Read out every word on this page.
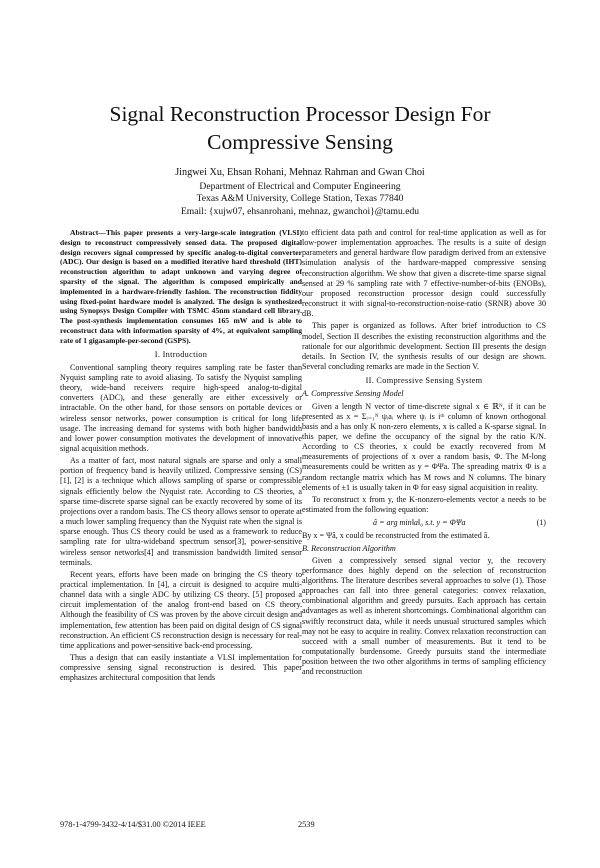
Signal Reconstruction Processor Design For
Compressive Sensing
Jingwei Xu, Ehsan Rohani, Mehnaz Rahman and Gwan Choi
Department of Electrical and Computer Engineering
Texas A&M University, College Station, Texas 77840
Email: {xujw07, ehsanrohani, mehnaz, gwanchoi}@tamu.edu

Abstract—This paper presents a very-large-scale integration (VLSI) design to reconstruct compressively sensed data. The proposed digital design recovers signal compressed by specific analog-to-digital converter (ADC). Our design is based on a modified iterative hard threshold (IHT) reconstruction algorithm to adapt unknown and varying degree of sparsity of the signal. The algorithm is composed empirically and implemented in a hardware-friendly fashion. The reconstruction fiddity using fixed-point hardware model is analyzed. The design is synthesized using Synopsys Design Compiler with TSMC 45nm standard cell library. The post-synthesis implementation consumes 165 mW and is able to reconstruct data with information sparsity of 4%, at equivalent sampling rate of 1 gigasample-per-second (GSPS).

I. Introduction

Conventional sampling theory requires sampling rate be faster than Nyquist sampling rate to avoid aliasing. To satisfy the Nyquist sampling theory, wide-band receivers require high-speed analog-to-digital converters (ADC), and these generally are either excessively or intractable. On the other hand, for those sensors on portable devices or wireless sensor networks, power consumption is critical for long life usage. The increasing demand for systems with both higher bandwidth and lower power consumption motivates the development of innovative signal acquisition methods.

As a matter of fact, most natural signals are sparse and only a small portion of frequency band is heavily utilized. Compressive sensing (CS) [1], [2] is a technique which allows sampling of sparse or compressible signals efficiently below the Nyquist rate. According to CS theories, a sparse time-discrete sparse signal can be exactly recovered by some of its projections over a random basis. The CS theory allows sensor to operate at a much lower sampling frequency than the Nyquist rate when the signal is sparse enough. Thus CS theory could be used as a framework to reduce sampling rate for ultra-wideband spectrum sensor[3], power-sensitive wireless sensor networks[4] and transmission bandwidth limited sensor terminals.

Recent years, efforts have been made on bringing the CS theory to practical implementation. In [4], a circuit is designed to acquire multi-channel data with a single ADC by utilizing CS theory. [5] proposed a circuit implementation of the analog front-end based on CS theory. Although the feasibility of CS was proven by the above circuit design and implementation, few attention has been paid on digital design of CS signal reconstruction. An efficient CS reconstruction design is necessary for real-time applications and power-sensitive back-end processing.

Thus a design that can easily instantiate a VLSI implementation for compressive sensing signal reconstruction is desired. This paper emphasizes architectural composition that lends

to efficient data path and control for real-time application as well as for low-power implementation approaches. The results is a suite of design parameters and general hardware flow paradigm derived from an extensive simulation analysis of the hardware-mapped compressive sensing reconstruction algorithm. We show that given a discrete-time sparse signal sensed at 29 % sampling rate with 7 effective-number-of-bits (ENOBs), our proposed reconstruction processor design could successfully reconstruct it with signal-to-reconstruction-noise-ratio (SRNR) above 30 dB.

This paper is organized as follows. After brief introduction to CS model, Section II describes the existing reconstruction algorithms and the rationale for our algorithmic development. Section III presents the design details. In Section IV, the synthesis results of our design are shown. Several concluding remarks are made in the Section V.

II. Compressive Sensing System
A. Compressive Sensing Model

Given a length N vector of time-discrete signal x ∈ ℝᴺ, if it can be presented as x = Σᵢ₌₁ᴺ ψᵢaᵢ where ψᵢ is iᵗʰ column of known orthogonal basis and a has only K non-zero elements, x is called a K-sparse signal. In this paper, we define the occupancy of the signal by the ratio K/N. According to CS theories, x could be exactly recovered from M measurements of projections of x over a random basis, Φ. The M-long measurements could be written as y = ΦΨa. The spreading matrix Φ is a random rectangle matrix which has M rows and N columns. The binary elements of ±1 is usually taken in Φ for easy signal acquisition in reality.

To reconstruct x from y, the K-nonzero-elements vector a needs to be estimated from the following equation:

â = arg min‖a‖₀ s.t. y = ΦΨa	(1)

By x = Ψâ, x could be reconstructed from the estimated â.

B. Reconstruction Algorithm

Given a compressively sensed signal vector y, the recovery performance does highly depend on the selection of reconstruction algorithms. The literature describes several approaches to solve (1). Those approaches can fall into three general categories: convex relaxation, combinational algorithm and greedy pursuits. Each approach has certain advantages as well as inherent shortcomings. Combinational algorithm can swiftly reconstruct data, while it needs unusual structured samples which may not be easy to acquire in reality. Convex relaxation reconstruction can succeed with a small number of measurements. But it tend to be computationally burdensome. Greedy pursuits stand the intermediate position between the two other algorithms in terms of sampling efficiency and reconstruction

978-1-4799-3432-4/14/$31.00 ©2014 IEEE	2539
